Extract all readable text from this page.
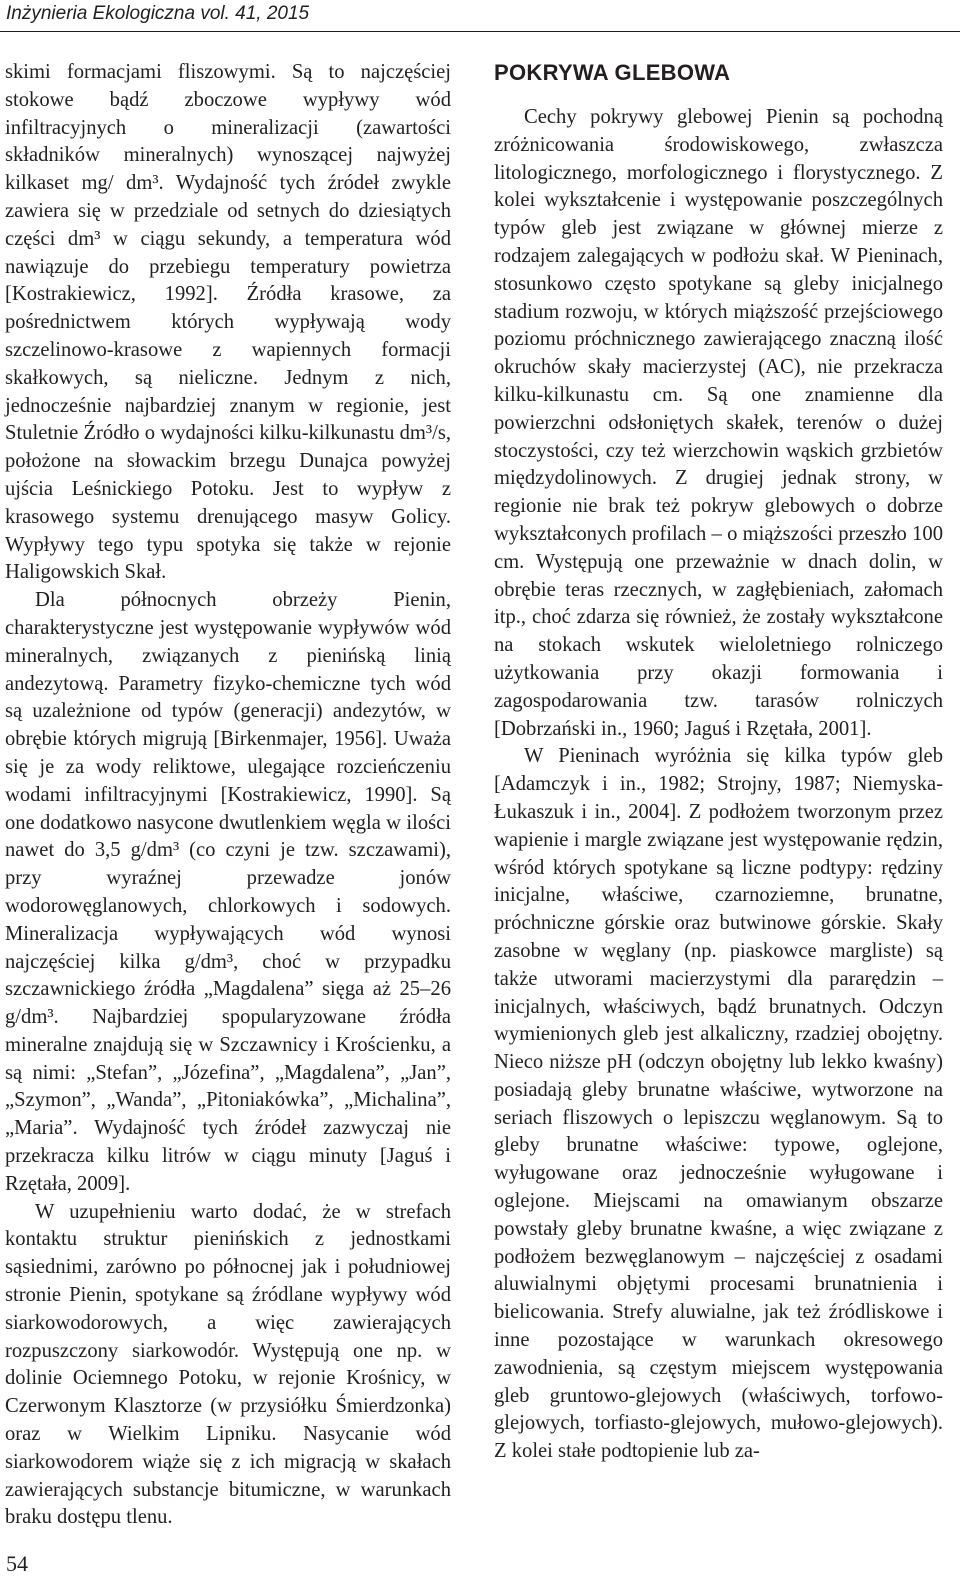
Inżynieria Ekologiczna vol. 41, 2015

skimi formacjami fliszowymi. Są to najczęściej stokowe bądź zboczowe wypływy wód infiltracyjnych o mineralizacji (zawartości składników mineralnych) wynoszącej najwyżej kilkaset mg/ dm³. Wydajność tych źródeł zwykle zawiera się w przedziale od setnych do dziesiątych części dm³ w ciągu sekundy, a temperatura wód nawiązuje do przebiegu temperatury powietrza [Kostrakiewicz, 1992]. Źródła krasowe, za pośrednictwem których wypływają wody szczelinowo-krasowe z wapiennych formacji skałkowych, są nieliczne. Jednym z nich, jednocześnie najbardziej znanym w regionie, jest Stuletnie Źródło o wydajności kilku-kilkunastu dm³/s, położone na słowackim brzegu Dunajca powyżej ujścia Leśnickiego Potoku. Jest to wypływ z krasowego systemu drenującego masyw Golicy. Wypływy tego typu spotyka się także w rejonie Haligowskich Skał.

Dla północnych obrzeży Pienin, charakterystyczne jest występowanie wypływów wód mineralnych, związanych z pienińską linią andezytową. Parametry fizyko-chemiczne tych wód są uzależnione od typów (generacji) andezytów, w obrębie których migrują [Birkenmajer, 1956]. Uważa się je za wody reliktowe, ulegające rozcieńczeniu wodami infiltracyjnymi [Kostrakiewicz, 1990]. Są one dodatkowo nasycone dwutlenkiem węgla w ilości nawet do 3,5 g/dm³ (co czyni je tzw. szczawami), przy wyraźnej przewadze jonów wodorowęglanowych, chlorkowych i sodowych. Mineralizacja wypływających wód wynosi najczęściej kilka g/dm³, choć w przypadku szczawnickiego źródła „Magdalena” sięga aż 25–26 g/dm³. Najbardziej spopularyzowane źródła mineralne znajdują się w Szczawnicy i Krościenku, a są nimi: „Stefan”, „Józefina”, „Magdalena”, „Jan”, „Szymon”, „Wanda”, „Pitoniakówka”, „Michalina”, „Maria”. Wydajność tych źródeł zazwyczaj nie przekracza kilku litrów w ciągu minuty [Jaguś i Rzętała, 2009].

W uzupełnieniu warto dodać, że w strefach kontaktu struktur pienińskich z jednostkami sąsiednimi, zarówno po północnej jak i południowej stronie Pienin, spotykane są źródlane wypływy wód siarkowodorowych, a więc zawierających rozpuszczony siarkowodór. Występują one np. w dolinie Ociemnego Potoku, w rejonie Krośnicy, w Czerwonym Klasztorze (w przysiółku Śmierdzonka) oraz w Wielkim Lipniku. Nasycanie wód siarkowodorem wiąże się z ich migracją w skałach zawierających substancje bitumiczne, w warunkach braku dostępu tlenu.

POKRYWA GLEBOWA

Cechy pokrywy glebowej Pienin są pochodną zróżnicowania środowiskowego, zwłaszcza litologicznego, morfologicznego i florystycznego. Z kolei wykształcenie i występowanie poszczególnych typów gleb jest związane w głównej mierze z rodzajem zalegających w podłożu skał. W Pieninach, stosunkowo często spotykane są gleby inicjalnego stadium rozwoju, w których miąższość przejściowego poziomu próchnicznego zawierającego znaczną ilość okruchów skały macierzystej (AC), nie przekracza kilku-kilkunastu cm. Są one znamienne dla powierzchni odsłoniętych skałek, terenów o dużej stoczystości, czy też wierzchowin wąskich grzbietów międzydolinowych. Z drugiej jednak strony, w regionie nie brak też pokryw glebowych o dobrze wykształconych profilach – o miąższości przeszło 100 cm. Występują one przeważnie w dnach dolin, w obrębie teras rzecznych, w zagłębieniach, załomach itp., choć zdarza się również, że zostały wykształcone na stokach wskutek wieloletniego rolniczego użytkowania przy okazji formowania i zagospodarowania tzw. tarasów rolniczych [Dobrzański in., 1960; Jaguś i Rzętała, 2001].

W Pieninach wyróżnia się kilka typów gleb [Adamczyk i in., 1982; Strojny, 1987; Niemyska-Łukaszuk i in., 2004]. Z podłożem tworzonym przez wapienie i margle związane jest występowanie rędzin, wśród których spotykane są liczne podtypy: rędziny inicjalne, właściwe, czarnoziemne, brunatne, próchniczne górskie oraz butwinowe górskie. Skały zasobne w węglany (np. piaskowce margliste) są także utworami macierzystymi dla pararędzin – inicjalnych, właściwych, bądź brunatnych. Odczyn wymienionych gleb jest alkaliczny, rzadziej obojętny. Nieco niższe pH (odczyn obojętny lub lekko kwaśny) posiadają gleby brunatne właściwe, wytworzone na seriach fliszowych o lepiszczu węglanowym. Są to gleby brunatne właściwe: typowe, oglejone, wyługowane oraz jednocześnie wyługowane i oglejone. Miejscami na omawianym obszarze powstały gleby brunatne kwaśne, a więc związane z podłożem bezwęglanowym – najczęściej z osadami aluwialnymi objętymi procesami brunatnienia i bielicowania. Strefy aluwialne, jak też źródliskowe i inne pozostające w warunkach okresowego zawodnienia, są częstym miejscem występowania gleb gruntowo-glejowych (właściwych, torfowo-glejowych, torfiasto-glejowych, mułowo-glejowych). Z kolei stałe podtopienie lub za-

54
